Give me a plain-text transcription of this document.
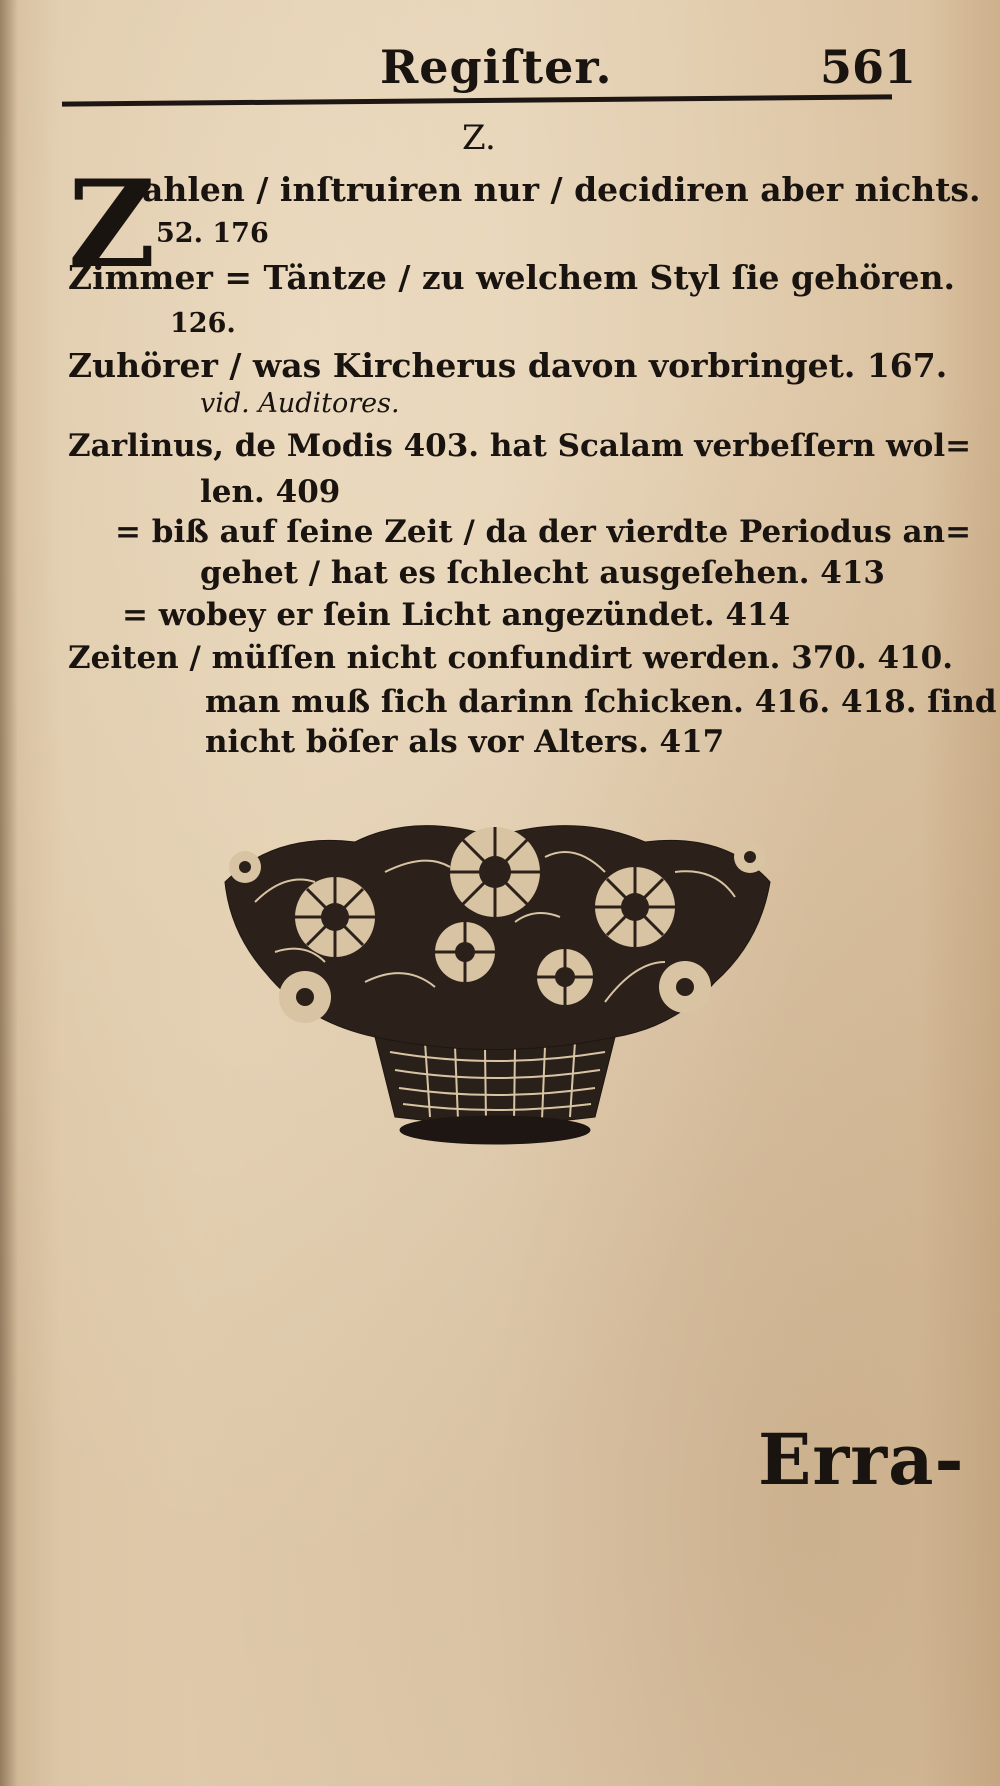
Regiſter.	561
Z.
Z
ahlen / inſtruiren nur / decidiren aber nichts.
52. 176
Zimmer = Täntze / zu welchem Styl ſie gehören.
126.
Zuhörer / was Kircherus davon vorbringet. 167.
vid. Auditores.
Zarlinus, de Modis 403. hat Scalam verbeſſern wol=
len. 409
= biß auf ſeine Zeit / da der vierdte Periodus an=
gehet / hat es ſchlecht ausgeſehen. 413
= wobey er ſein Licht angezündet. 414
Zeiten / müſſen nicht confundirt werden. 370. 410.
man muß ſich darinn ſchicken. 416. 418. ſind
nicht böſer als vor Alters. 417
Erra-
